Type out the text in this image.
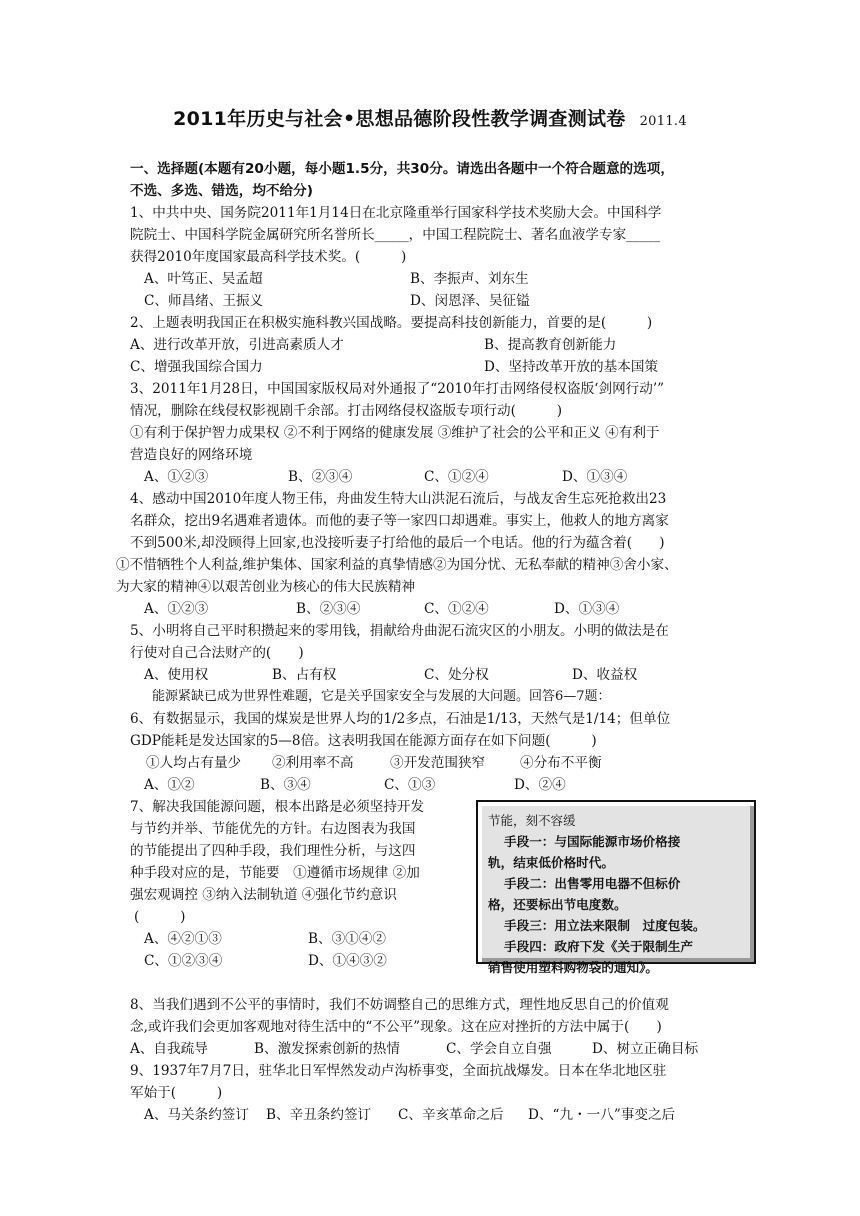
2011年历史与社会•思想品德阶段性教学调查测试卷 2011.4
一、选择题(本题有20小题，每小题1.5分，共30分。请选出各题中一个符合题意的选项，
不选、多选、错选，均不给分)
1、中共中央、国务院2011年1月14日在北京隆重举行国家科学技术奖励大会。中国科学
院院士、中国科学院金属研究所名誉所长_____，中国工程院院士、著名血液学专家_____
获得2010年度国家最高科学技术奖。(　　　)
A、叶笃正、吴孟超	B、李振声、刘东生
C、师昌绪、王振义	D、闵恩泽、吴征镒
2、上题表明我国正在积极实施科教兴国战略。要提高科技创新能力，首要的是(　　　)
A、进行改革开放，引进高素质人才	B、提高教育创新能力
C、增强我国综合国力	D、坚持改革开放的基本国策
3、2011年1月28日，中国国家版权局对外通报了“2010年打击网络侵权盗版‘剑网行动’”
情况，删除在线侵权影视剧千余部。打击网络侵权盗版专项行动(　　　)
①有利于保护智力成果权 ②不利于网络的健康发展 ③维护了社会的公平和正义 ④有利于
营造良好的网络环境
A、①②③	B、②③④	C、①②④	D、①③④
4、感动中国2010年度人物王伟，舟曲发生特大山洪泥石流后，与战友舍生忘死抢救出23
名群众，挖出9名遇难者遗体。而他的妻子等一家四口却遇难。事实上，他救人的地方离家
不到500米,却没顾得上回家,也没接听妻子打给他的最后一个电话。他的行为蕴含着(　　)
①不惜牺牲个人利益,维护集体、国家利益的真挚情感②为国分忧、无私奉献的精神③舍小家、
为大家的精神④以艰苦创业为核心的伟大民族精神
A、①②③	B、②③④	C、①②④	D、①③④
5、小明将自己平时积攒起来的零用钱，捐献给舟曲泥石流灾区的小朋友。小明的做法是在
行使对自己合法财产的(　　)
A、使用权	B、占有权	C、处分权	D、收益权
能源紧缺已成为世界性难题，它是关乎国家安全与发展的大问题。回答6—7题：
6、有数据显示，我国的煤炭是世界人均的1/2多点，石油是1/13，天然气是1/14；但单位
GDP能耗是发达国家的5—8倍。这表明我国在能源方面存在如下问题(　　　)
①人均占有量少	②利用率不高	③开发范围狭窄	④分布不平衡
A、①②	B、③④	C、①③	D、②④
7、解决我国能源问题，根本出路是必须坚持开发
与节约并举、节能优先的方针。右边图表为我国
的节能提出了四种手段，我们理性分析，与这四
种手段对应的是，节能要　①遵循市场规律 ②加
强宏观调控 ③纳入法制轨道 ④强化节约意识
(　　　)
A、④②①③	B、③①④②
C、①②③④	D、①④③②
8、当我们遇到不公平的事情时，我们不妨调整自己的思维方式，理性地反思自己的价值观
念,或许我们会更加客观地对待生活中的“不公平”现象。这在应对挫折的方法中属于(　　)
A、自我疏导	B、激发探索创新的热情	C、学会自立自强	D、树立正确目标
9、1937年7月7日，驻华北日军悍然发动卢沟桥事变，全面抗战爆发。日本在华北地区驻
军始于(　　　)
A、马关条约签订	B、辛丑条约签订	C、辛亥革命之后	D、“九・一八”事变之后
节能，刻不容缓
手段一：与国际能源市场价格接
轨，结束低价格时代。
手段二：出售零用电器不但标价
格，还要标出节电度数。
手段三：用立法来限制　过度包装。
手段四：政府下发《关于限制生产
销售使用塑料购物袋的通知》。
